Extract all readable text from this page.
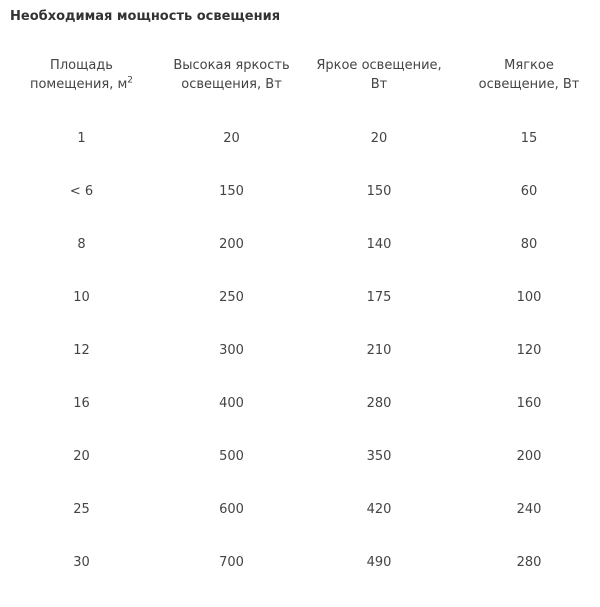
Необходимая мощность освещения
Площадь помещения, $м^2$	Высокая яркость освещения, Вт	Яркое освещение, Вт	Мягкое освещение, Вт
1	20	20	15
< 6	150	150	60
8	200	140	80
10	250	175	100
12	300	210	120
16	400	280	160
20	500	350	200
25	600	420	240
30	700	490	280
